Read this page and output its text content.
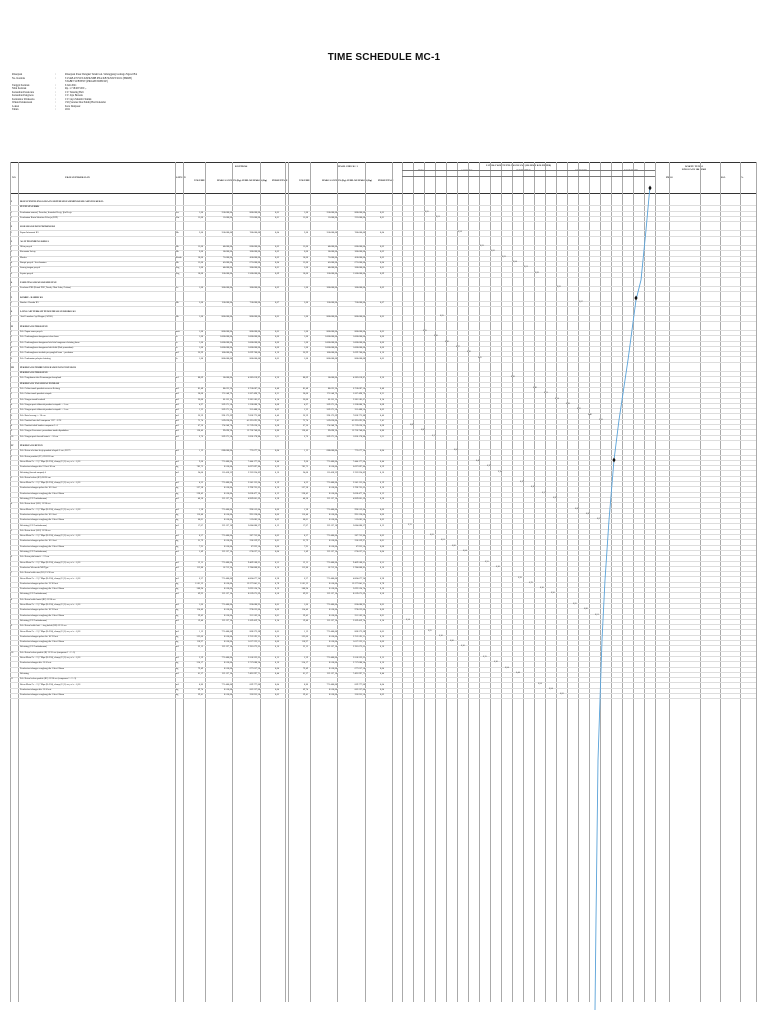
TIME SCHEDULE MC-1
Pekerjaan	:	Pekerjaan Pasar Dangkal Tanah Gal. Sidanggung Gulnaga Ngawi Bal
No. Kontrak	:	T.25AB.470/SUT-KSPK/MIB PNA/KB SUMUT/2021 (PMRH)
STABIT SUBTEST (PROAB NOBULE)
Tanggal Kontrak	:	6 Juli 2021
Nilai Kontrak	:	Rp. 1.718.997.000 ,-
Konsultan Perencana	:	CV. Tuturing Bali
Konsultan Pengawas	:	CV. Jaya Bersatu
Kontraktor Pelaksana	:	CV. Giya Mandiri Teknik
Waktu Pelaksanaan	:	150 (Seratus Dua Puluh) Hari Kalender
Lokasi	:	Kota Denpasar
Tahun	:	2021
NO	URAIAN PEKERJAAN	SATUAN
KONTRAK	HASIL CHECK / 1
VOLUME	HARGA SATUAN (Rp) JUMLAH HARGA (Rp) PERSENTASE	VOLUME	HARGA SATUAN (Rp) JUMLAH HARGA (Rp)	PERSENTASE
JANGKA WAKTU PELAKSANAAN (120 HARI KALENDER)
JULI	AGUSTUS	SEPTEMBER	OKTOBER	NOVEMBER
PROG
WAKTU TUNDA LINGGAAN 180 HARI
SISA	%
I	BIAYA PENYELENGGARAAN SISTEM MANAJEMEN KESELAMATAN KERJA
PENYIAPAN RKK
1	Pembuatan manual, Prosedur, Instruksi Kerja, Ijin Kerja	Set	1,00	250.000,00	800.000,00	0,05	1,00	250.000,00	800.000,00	0,05	0,05
2	Pembuatan Kartu Identitas Pekerja (KIP)	Lbr	15,00	15.000,00	225.000,00	0,01	15,00	15.000,00	225.000,00	0,01	0,01
2	SOSIALISASI DAN PROMOSI K3
1	Papan Informasi K3	Bh	2,00	350.000,00	700.000,00	0,04	2,00	350.000,00	700.000,00	0,04	0,04
3	ALAT PELINDUNG KERJA
1	Helm proyek	Bh	15,00	40.000,00	600.000,00	0,03	15,00	40.000,00	600.000,00	0,03	0,03
2	Kacamata Safety	Bh	6,00	50.000,00	300.000,00	0,02	6,00	50.000,00	300.000,00	0,02	0,02
3	Masker	Kotak	10,00	75.000,00	450.000,00	0,03	10,00	75.000,00	450.000,00	0,03	0,03
4	Rompi proyek / keselamatan	Bh	15,00	45.000,00	675.000,00	0,04	15,00	45.000,00	675.000,00	0,04	0,04
5	Sarung tangan proyek	Psg	5,00	40.000,00	200.000,00	0,01	5,00	40.000,00	200.000,00	0,01	0,01
6	Sepatu proyek	Psg	10,00	150.000,00	1.500.000,00	0,09	10,00	150.000,00	1.500.000,00	0,09	0,09
4	FASILITAS SARANA KESEHATAN
1	Peralatan P3K (Kotak P3K, Tandu, Obat Luka, Perban)	Ls	1,00	300.000,00	300.000,00	0,02	1,00	300.000,00	300.000,00	0,02	0,02
5	RAMBU - RAMBU K3
1	Rambu - Rambu K3	Bh	5,00	150.000,00	750.000,00	0,07	5,00	150.000,00	750.000,00	0,07	0,07
6	LAIN-LAIN TERKAIT PENGENDALIAN RESIKO K3
1	Alat Pemadam Api Ringan (APAR)	Bh	1,00	800.000,00	800.000,00	0,05	1,00	800.000,00	800.000,00	0,05	0,05
II	PEKERJAAN PERSIAPAN
1	Pek. Papan nama proyek	unit	1,00	800.000,00	800.000,00	0,05	1,00	800.000,00	800.000,00	0,05	0,05
2	Pek. Pembongkaran bangunan tebon lama	ls	1,00	1.000.000,00	1.000.000,00	0,06	1,00	1.000.000,00	1.000.000,00	0,06	0,06
3	Pek. Pembongkaran bangunan lain-lain bangunan eksisting lama	ls	1,00	1.000.000,00	1.000.000,00	0,06	1,00	1.000.000,00	1.000.000,00	0,06	0,06
4	Pek. Pembongkaran bangunan kaki-kaki (Bak penandaan)	ls	1,00	1.000.000,00	1.000.000,00	0,06	1,00	1.000.000,00	1.000.000,00	0,06	0,07
5	Pek. Pembongkaran tembok penyangkal lama + pembatas	m2	26,99	100.000,00	2.699.700,00	0,16	26,99	100.000,00	2.699.700,00	0,16	0,16
6	Pek. Pembuatan pelapis eksisting	ls	1,00	800.000,00	800.000,00	0,05	1,00	800.000,00	800.000,00	0,05	0,05
III	PEKERJAAN PEMBUATAN BANGUNAN PANTARAN
PEKERJAAN PERSIAPAN
1	Pek. Pengukuran dan Pemasangan bowplank	m1	88,09	50.000,00	4.382.018,87	0,26	88,09	50.000,00	4.382.018,87	0,26	0,26
PEKERJAAN TANAH DAN PONDASI
1	Pek. Galian tanah pondasi menerus & tiang	m3	85,48	80.635,20	6.758.087,50	0,40	85,48	80.635,20	6.758.087,50	0,40	0,40
2	Pek. Galian tanah pondasi setapak	m3	30,00	175.548,79	5.267.498,79	0,31	30,00	175.548,79	5.267.498,79	0,31	0,31
3	Pek. Urugan tanah kembali	m3	36,00	66.155,16	2.381.585,67	0,14	36,00	66.155,16	2.381.585,67	0,14	0,14
4	Pek. Urugan pasir dibawah pondasi setapak t = 5 cm	m3	4,97	269.271,58	1.338.880,78	0,08	4,97	269.271,58	1.338.880,78	0,08	0,08
5	Pek. Urugan pasir dibawah pondasi setapak t = 5 cm	m3	1,32	269.271,58	355.488,56	0,02	1,32	269.271,58	355.488,56	0,02	0,02
6	Pek. Batu kosong t = 20 cm	m3	26,29	298.173,69	7.838.773,88	0,46	26,29	298.173,69	7.838.773,88	0,46	0,46
7	Pek. Pondasi batu kali campuran 1 PC : 5 PS	m3	72,74	569.020,00	41.391.095,98	2,41	72,74	569.020,00	41.391.095,98	2,41	2,41
8	Pek. Pondasi tukul batako campuran 1: 4	m2	67,26	174.248,78	11.719.630,36	0,68	67,26	174.248,78	11.719.630,36	0,68	0,68
9	Pek. Urugan Limestone pemadatan tanah dipadatkan	m3	138,46	99.098,28	13.720.748,06	0,80	138,46	99.098,28	13.720.748,06	0,80	0,80
10	Pek. Urugan pasir bawah lantai t = 10 cm	m3	6,76	269.271,58	1.820.178,88	0,11	6,76	269.271,58	1.820.178,88	0,11	0,11
IV	PEKERJAAN BETON
1	Pek. Beton sebelum kerja pondasi telapak 5 cm ; K175	m3	1,12	688.000,00	772.677,24	0,04	1,12	688.000,00	772.677,24	0,04	0,04
2	Pek. Beton pondasi (P1) 120/120 cm
Beton Mutu Fc = 21,7 Mpa (K-250), slump (12,2) cm, w/c = 0,56	m3	9,60	775.400,00	7.444.177,60	0,44	9,60	775.400,00	7.444.177,60	0,44	0,44
Pembesian tulangan dia 13 besi 30 cm	kg	783,72	8.550,00	6.697.897,80	0,39	783,72	8.550,00	6.697.897,80	0,39	0,39
Bekisting (bawah rumput) 4	m2	24,00	115.458,33	2.763.934,82	0,16	24,00	115.458,33	2.763.934,82	0,16	0,16
3	Pek. Beton kolom (K1) 20/30 cm
Beton Mutu Fc = 21,7 Mpa (K-250), slump (12,2) cm, w/c = 0,56	m3	4,32	775.400,00	3.345.155,64	0,19	4,32	775.400,00	3.345.155,64	0,19	0,19
Pembesian tulangan polos dia. 10 # besi	kg	327,28	8.550,00	2.798.735,62	0,16	327,28	8.550,00	2.798.735,62	0,16	0,16
Pembesian tulangan sengkang dia. 8 besi 20mm	kg	238,42	8.550,00	2.038.477,10	0,12	238,42	8.550,00	2.038.477,10	0,12	0,12
Bekisting (2/3 Pembaharuan)	m2	40,20	122.137,10	4.909.861,69	0,28	40,20	122.137,10	4.909.861,69	0,28	0,28
4	Pek. Beton sloof (SL1) 15/20 cm
Beton Mutu Fc = 21,7 Mpa (K-250), slump (12,2) cm, w/c = 0,56	m3	1,28	775.400,00	990.552,04	0,06	1,28	775.400,00	990.552,04	0,06	0,06
Pembesian tulangan polos dia. 10 # besi	kg	116,40	8.550,00	995.220,00	0,06	116,40	8.550,00	995.220,00	0,06	0,06
Pembesian tulangan sengkang dia. 8 besi 20mm	kg	60,01	8.550,00	513.085,50	0,03	60,01	8.550,00	513.085,50	0,03	0,03
Bekisting (2/3 Pembaharuan)	m2	17,07	122.137,10	2.084.880,37	0,12	17,07	122.137,10	2.084.880,37	0,12	0,12
5	Pek. Beton sloof (SL2) 15/20 cm
Beton Mutu Fc = 21,7 Mpa (K-250), slump (12,2) cm, w/c = 0,56	m3	0,37	775.400,00	287.753,80	0,02	0,37	775.400,00	287.753,80	0,02	0,02
Pembesian tulangan polos dia. 10 # besi	kg	25,79	8.550,00	220.339,97	0,01	25,79	8.550,00	220.339,97	0,01	0,01
Pembesian tulangan sengkang dia. 8 besi 20mm	kg	7,95	8.550,00	67.922,50	0,00	7,95	8.550,00	67.922,50	0,00	0,00
Bekisting (2/3 Pembaharuan)	m2	5,49	122.137,10	670.627,55	0,04	5,49	122.137,10	670.627,55	0,04	0,04
6	Pek. Beton plat lantai t = 12 cm
Beton Mutu Fc = 21,7 Mpa (K-250), slump (12,2) cm, w/c = 0,56	m3	12,15	775.400,00	9.409.508,61	0,55	12,15	775.400,00	9.409.508,61	0,55	0,55
Pembesian Wiremesh M8 Type	m2	112,80	16.712,30	2.784.808,85	0,16	112,80	16.712,30	2.784.808,85	0,16	0,16
7	Pek. Beton balok atas (B1) 15/30 cm
Beton Mutu Fc = 21,7 Mpa (K-250), slump (12,2) cm, w/c = 0,56	m3	6,27	775.400,00	4.864.077,24	0,28	6,27	775.400,00	4.864.077,24	0,28	0,28
Pembesian tulangan polos dia. 12/16 besi	kg	1.561,22	8.550,00	13.377.841,31	0,78	1.561,22	8.550,00	13.377.841,31	0,78	0,78
Pembesian tulangan sengkang dia. 8 besi 20mm	kg	308,94	8.550,00	2.693.534,74	0,16	308,94	8.550,00	2.693.534,74	0,16	0,16
Bekisting (2/3 Pembaharuan)	m2	69,92	122.137,10	8.539.675,69	0,50	69,92	122.137,10	8.539.675,69	0,50	0,50
8	Pek. Beton balok lantai (B2) 15/20 cm
Beton Mutu Fc = 21,7 Mpa (K-250), slump (12,2) cm, w/c = 0,56	m3	1,06	775.400,00	820.080,92	0,05	1,06	775.400,00	820.080,92	0,05	0,05
Pembesian tulangan polos dia. 10/13 besi	kg	114,46	8.550,00	978.633,00	0,06	114,46	8.550,00	978.633,00	0,06	0,06
Pembesian tulangan sengkang dia. 8 besi 20mm	kg	29,42	8.550,00	251.563,50	0,01	29,42	8.550,00	251.563,50	0,01	0,01
Bekisting (2/3 Pembaharuan)	m2	19,40	122.137,10	2.369.459,74	0,14	19,40	122.137,10	2.369.459,74	0,14	0,14
9	Pek. Beton balok latei + ring balok (RB) 12/15 cm
Beton Mutu Fc = 21,7 Mpa (K-250), slump (12,2) cm, w/c = 0,56	m3	1,12	775.400,00	868.272,68	0,05	1,12	775.400,00	868.272,68	0,05	0,05
Pembesian tulangan polos dia. 10/13 besi	kg	322,06	8.550,00	2.753.595,21	0,16	322,06	8.550,00	2.753.595,21	0,16	0,16
Pembesian tulangan sengkang dia. 8 besi 20mm	kg	118,97	8.550,00	1.017.223,51	0,06	118,97	8.550,00	1.017.223,51	0,06	0,06
Bekisting (2/3 Pembaharuan)	m2	22,12	122.137,10	2.701.672,65	0,16	22,12	122.137,10	2.701.672,65	0,16	0,16
10	Pek. Beton kolom praktis (K) 15/15 cm (campuran 1 : 2 : 3)
Beton Mutu Fc = 21,7 Mpa (K-250), slump (12,2) cm, w/c = 0,56	m3	3,29	775.400,00	2.550.332,65	0,15	3,29	775.400,00	2.550.332,65	0,15	0,15
Pembesian tulangan dia. 10 # besi	kg	314,17	8.550,00	2.717.080,24	0,16	314,17	8.550,00	2.717.080,24	0,16	0,16
Pembesian tulangan sengkang dia. 8 besi 20mm	kg	79,49	8.550,00	677.657,50	0,04	79,49	8.550,00	677.657,50	0,04	0,04
Bekisting	m2	61,37	122.137,10	7.495.997,71	0,44	61,37	122.137,10	7.495.997,71	0,44	0,44
11	Pek. Beton kolom praktis (K1) 15/20 cm (campuran 1 : 2 : 3)
Beton Mutu Fc = 21,7 Mpa (K-250), slump (12,2) cm, w/c = 0,56	m3	0,86	775.400,00	669.777,00	0,04	0,86	775.400,00	669.777,00	0,04	0,04
Pembesian tulangan dia. 10 # besi	kg	69,74	8.550,00	603.237,00	0,04	69,74	8.550,00	603.237,00	0,04	0,04
Pembesian tulangan sengkang dia. 8 besi 20mm	kg	39,41	8.550,00	336.955,50	0,02	39,41	8.550,00	336.955,50	0,02	0,02
